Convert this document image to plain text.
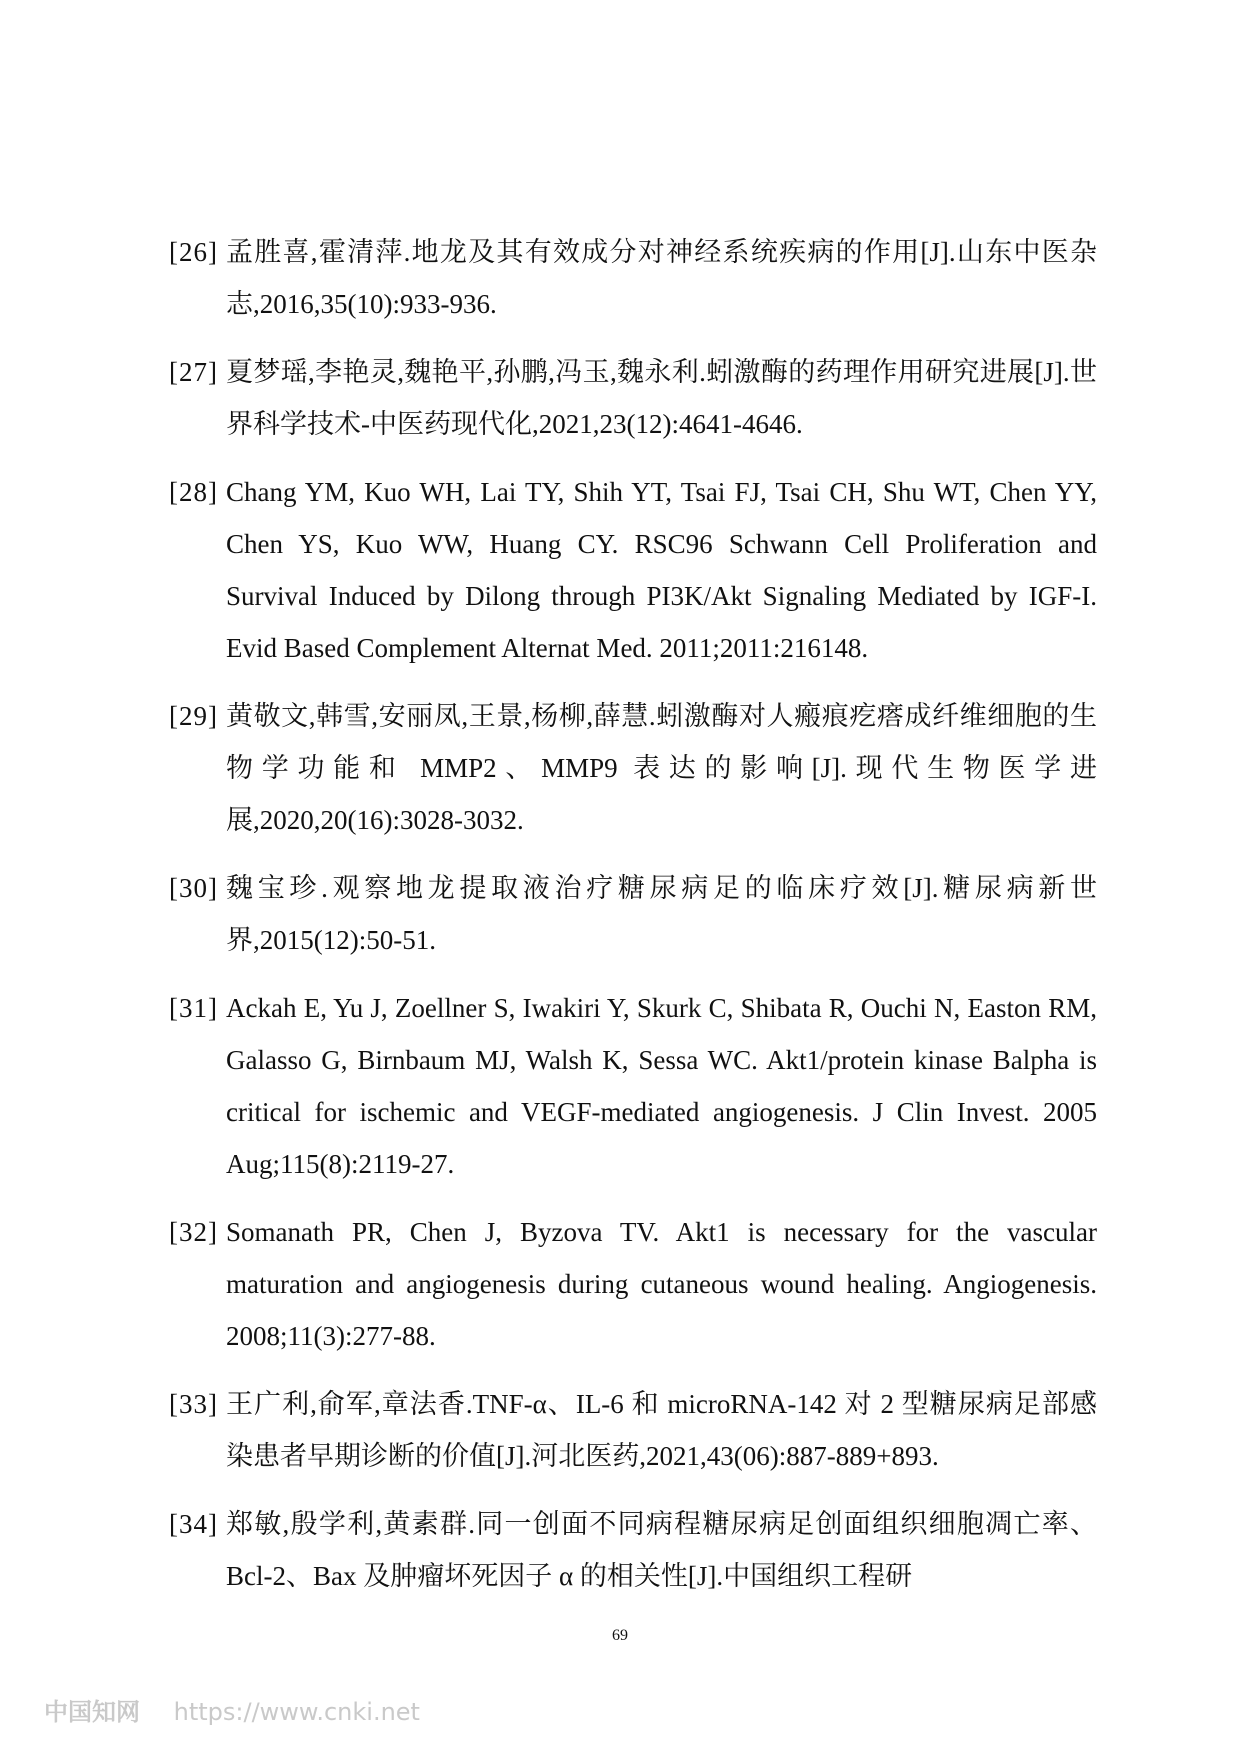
[26] 孟胜喜,霍清萍.地龙及其有效成分对神经系统疾病的作用[J].山东中医杂志,2016,35(10):933-936.
[27] 夏梦瑶,李艳灵,魏艳平,孙鹏,冯玉,魏永利.蚓激酶的药理作用研究进展[J].世界科学技术-中医药现代化,2021,23(12):4641-4646.
[28] Chang YM, Kuo WH, Lai TY, Shih YT, Tsai FJ, Tsai CH, Shu WT, Chen YY, Chen YS, Kuo WW, Huang CY. RSC96 Schwann Cell Proliferation and Survival Induced by Dilong through PI3K/Akt Signaling Mediated by IGF-I. Evid Based Complement Alternat Med. 2011;2011:216148.
[29] 黄敬文,韩雪,安丽凤,王景,杨柳,薛慧.蚓激酶对人瘢痕疙瘩成纤维细胞的生物学功能和 MMP2、MMP9 表达的影响[J].现代生物医学进展,2020,20(16):3028-3032.
[30] 魏宝珍.观察地龙提取液治疗糖尿病足的临床疗效[J].糖尿病新世界,2015(12):50-51.
[31] Ackah E, Yu J, Zoellner S, Iwakiri Y, Skurk C, Shibata R, Ouchi N, Easton RM, Galasso G, Birnbaum MJ, Walsh K, Sessa WC. Akt1/protein kinase Balpha is critical for ischemic and VEGF-mediated angiogenesis. J Clin Invest. 2005 Aug;115(8):2119-27.
[32] Somanath PR, Chen J, Byzova TV. Akt1 is necessary for the vascular maturation and angiogenesis during cutaneous wound healing. Angiogenesis. 2008;11(3):277-88.
[33] 王广利,俞军,章法香.TNF-α、IL-6 和 microRNA-142 对 2 型糖尿病足部感染患者早期诊断的价值[J].河北医药,2021,43(06):887-889+893.
[34] 郑敏,殷学利,黄素群.同一创面不同病程糖尿病足创面组织细胞凋亡率、Bcl-2、Bax 及肿瘤坏死因子 α 的相关性[J].中国组织工程研
69
中国知网 https://www.cnki.net
